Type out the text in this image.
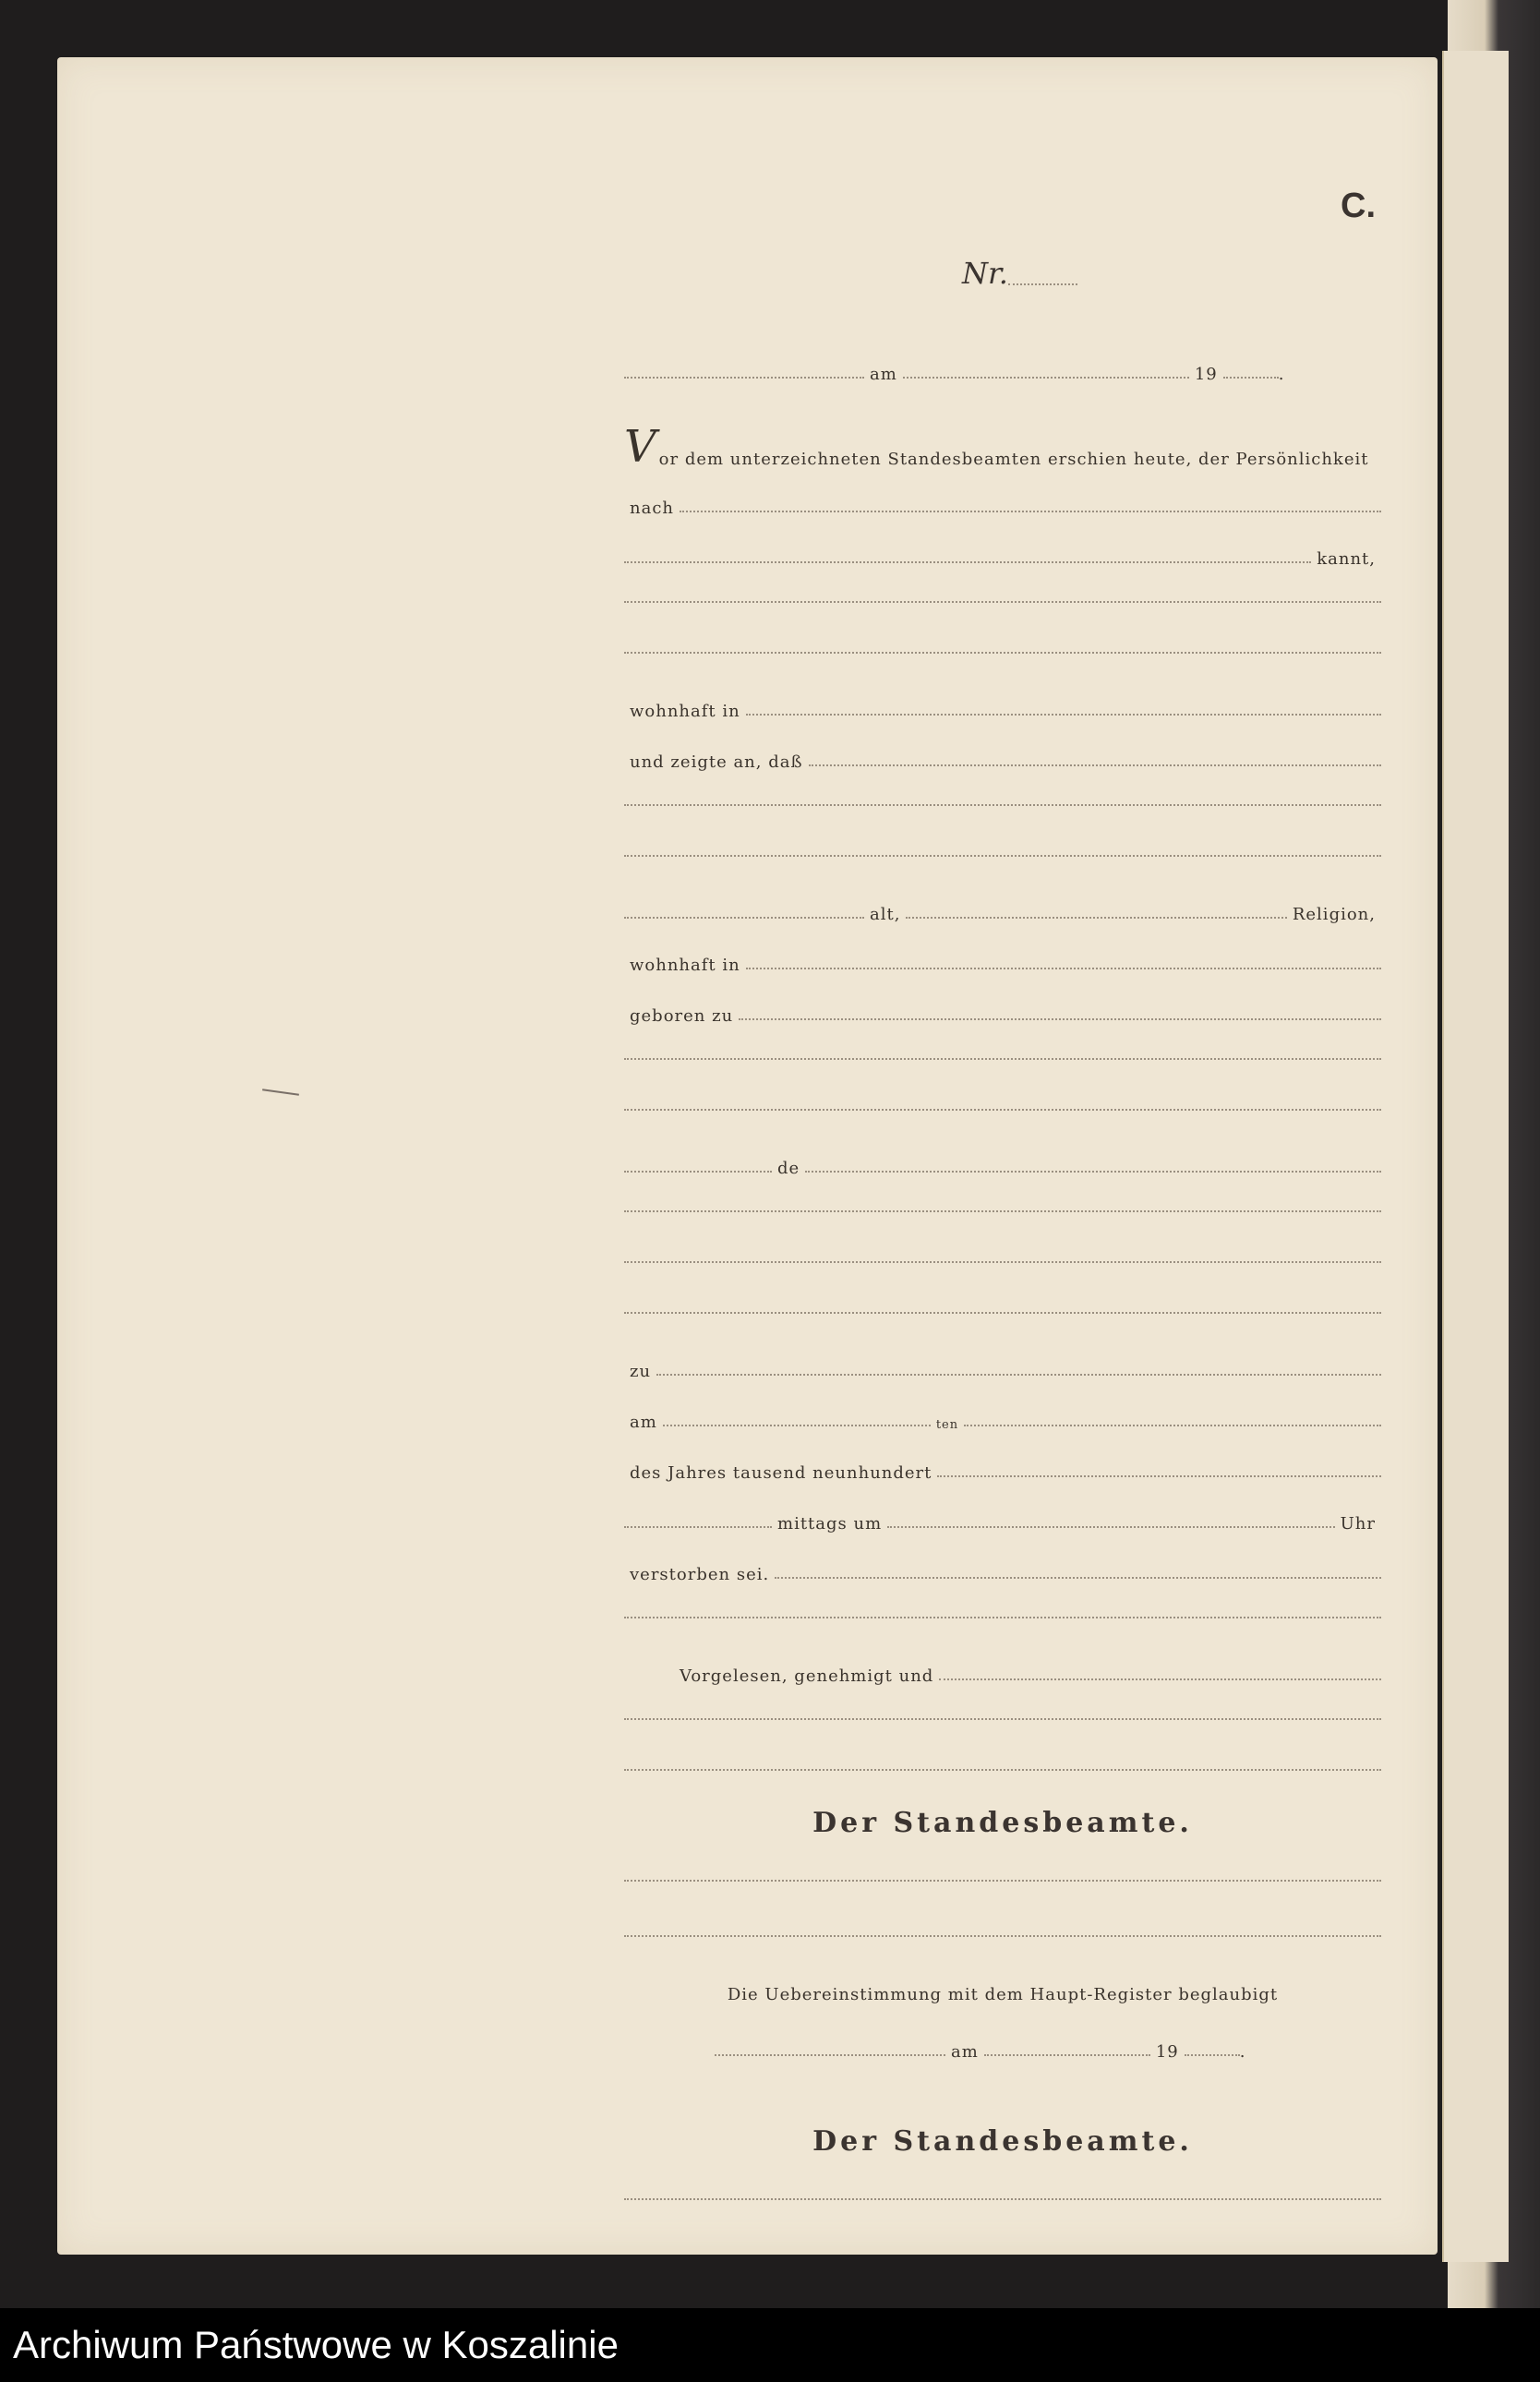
C.
Nr.
am	19	.
V or dem unterzeichneten Standesbeamten erschien heute, der Persönlichkeit
nach
kannt,
wohnhaft in
und zeigte an, daß
alt,	Religion,
wohnhaft in
geboren zu
de
zu
am	ten
des Jahres tausend neunhundert
mittags um	Uhr
verstorben sei.
Vorgelesen, genehmigt und
Der Standesbeamte.
Die Uebereinstimmung mit dem Haupt-Register beglaubigt
am	19	.
Der Standesbeamte.
Archiwum Państwowe w Koszalinie
